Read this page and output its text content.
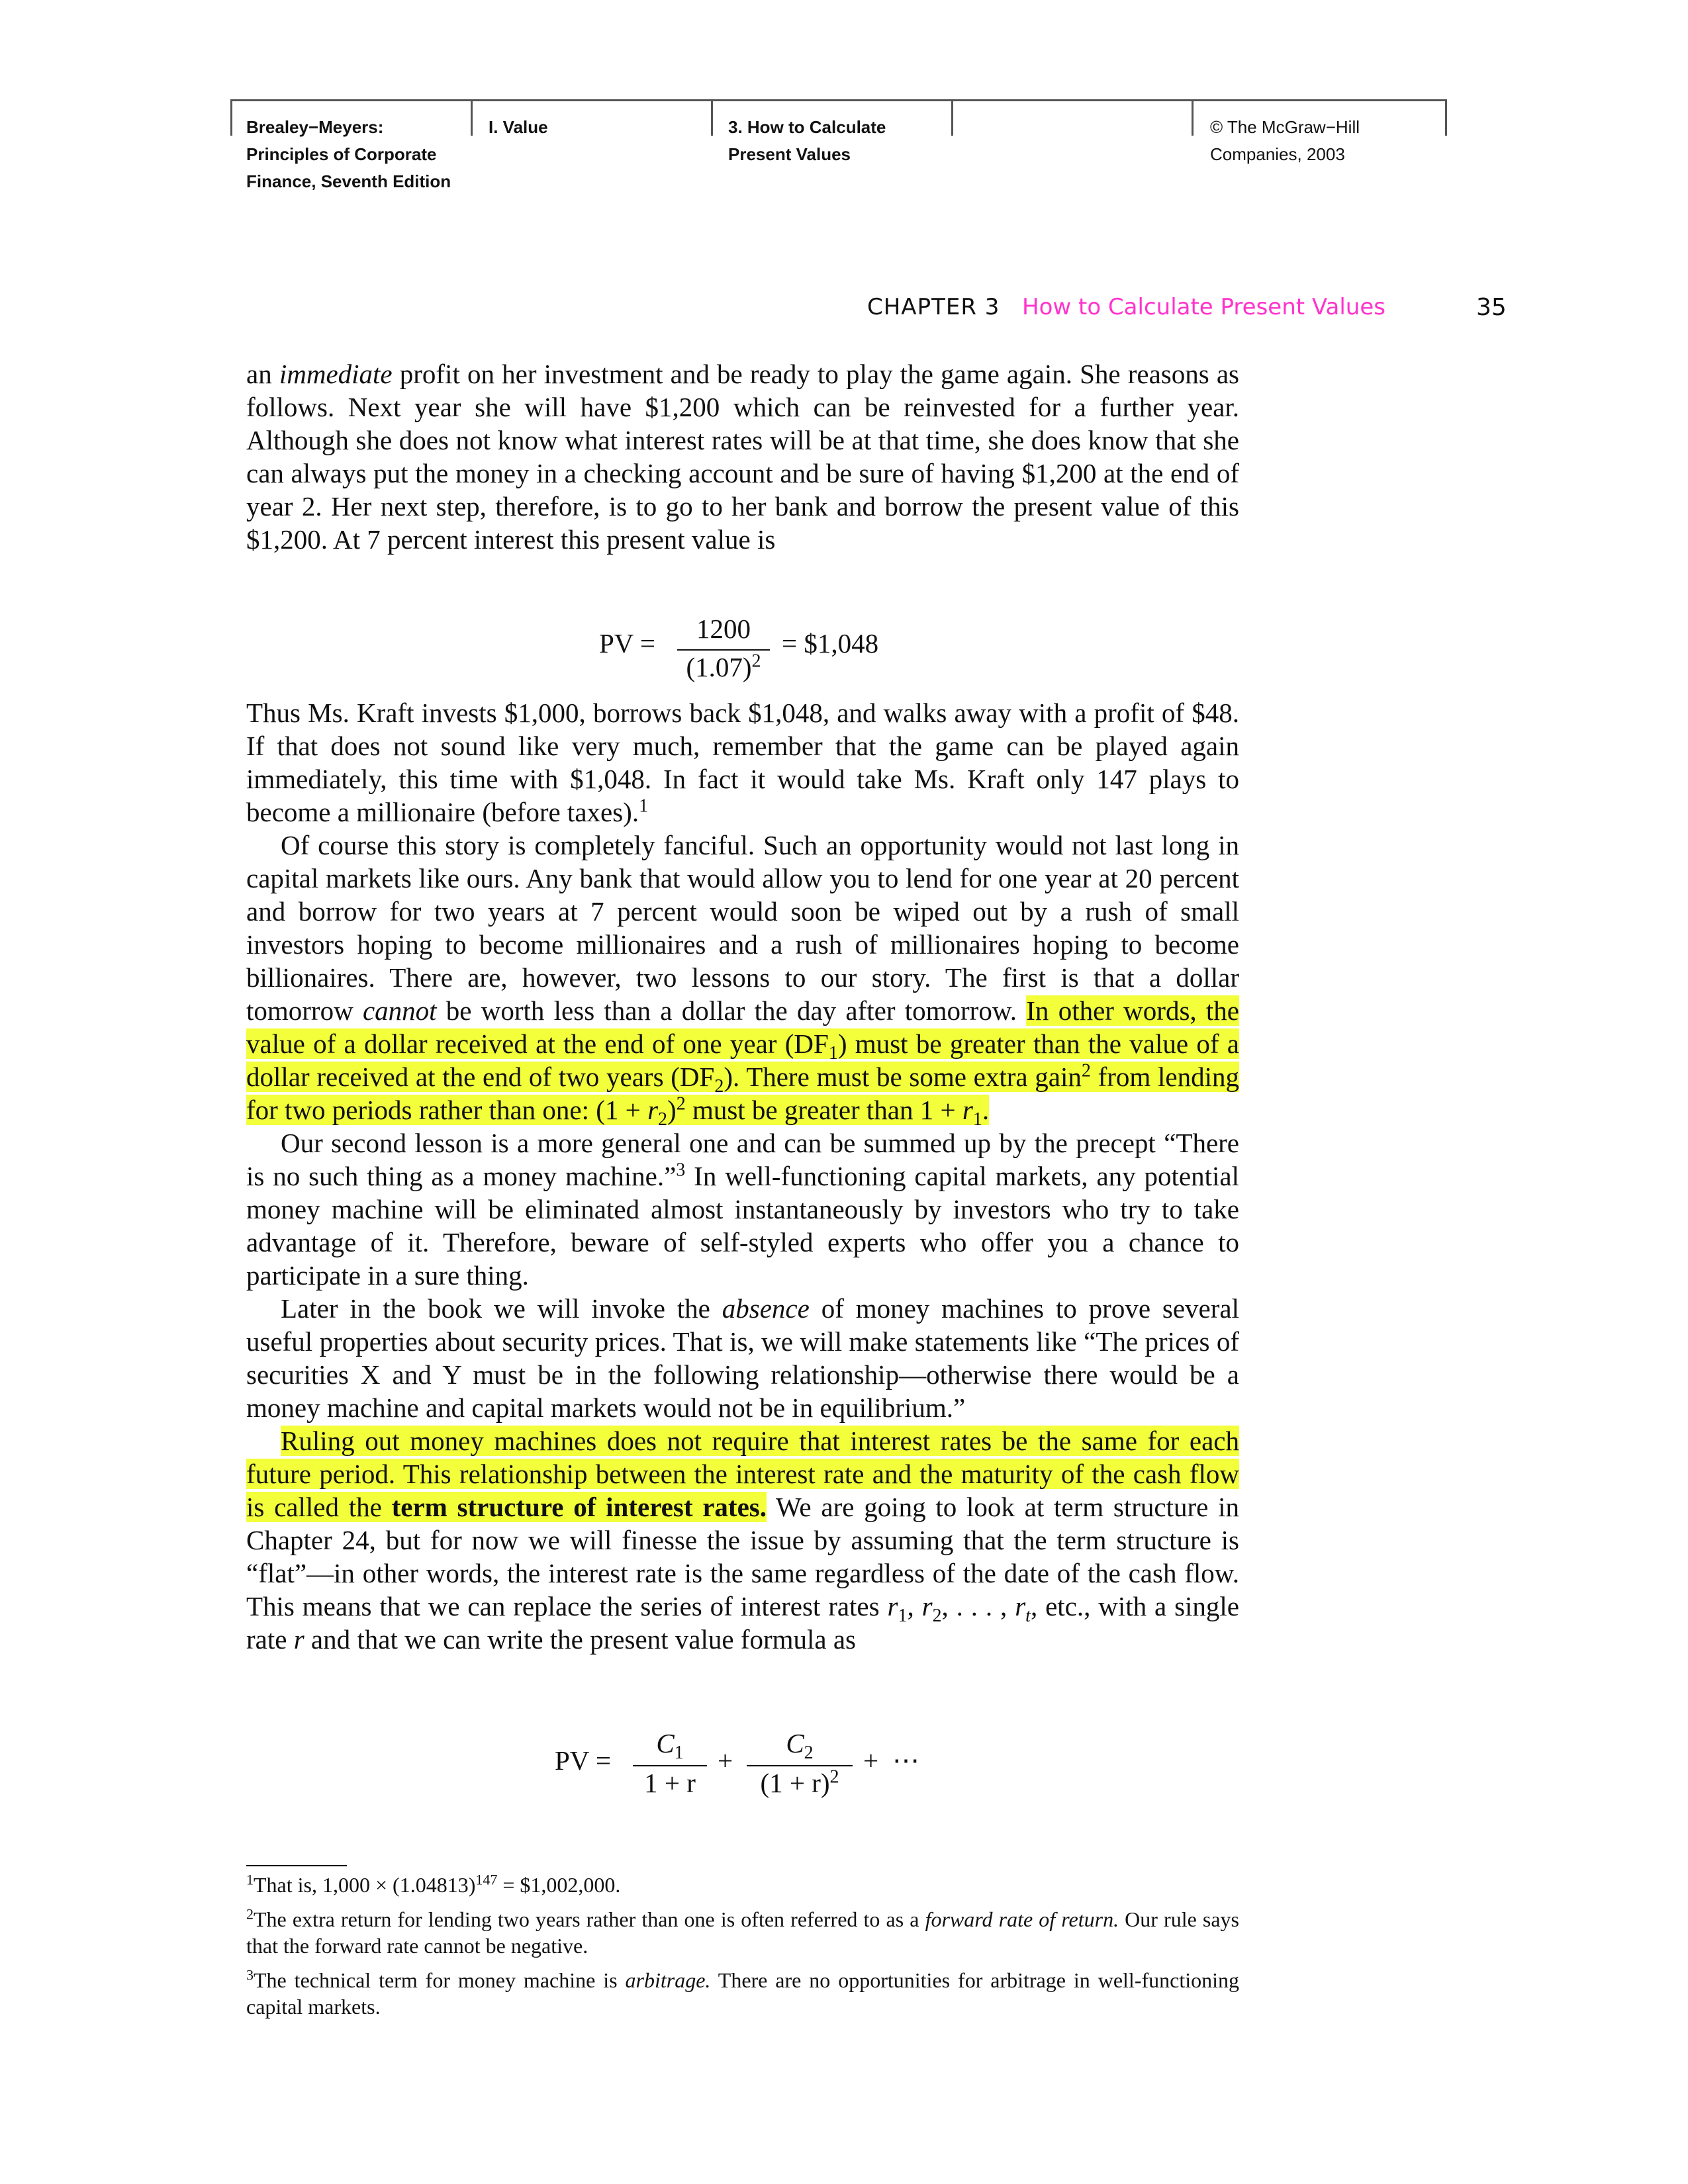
Brealey−Meyers:
Principles of Corporate
Finance, Seventh Edition
I. Value	3. How to Calculate
Present Values
© The McGraw−Hill
Companies, 2003
CHAPTER 3 How to Calculate Present Values	35

an immediate profit on her investment and be ready to play the game again. She reasons as follows. Next year she will have $1,200 which can be reinvested for a further year. Although she does not know what interest rates will be at that time, she does know that she can always put the money in a checking account and be sure of having $1,200 at the end of year 2. Her next step, therefore, is to go to her bank and borrow the present value of this $1,200. At 7 percent interest this present value is

PV =	1200
$(1.07)^2$
= $1,048

Thus Ms. Kraft invests $1,000, borrows back $1,048, and walks away with a profit of $48. If that does not sound like very much, remember that the game can be played again immediately, this time with $1,048. In fact it would take Ms. Kraft only 147 plays to become a millionaire (before taxes).$^1$

Of course this story is completely fanciful. Such an opportunity would not last long in capital markets like ours. Any bank that would allow you to lend for one year at 20 percent and borrow for two years at 7 percent would soon be wiped out by a rush of small investors hoping to become millionaires and a rush of millionaires hoping to become billionaires. There are, however, two lessons to our story. The first is that a dollar tomorrow cannot be worth less than a dollar the day after tomorrow. In other words, the value of a dollar received at the end of one year $(DF_1)$ must be greater than the value of a dollar received at the end of two years $(DF_2)$. There must be some extra gain$^2$ from lending for two periods rather than one: $(1 + r_2)^2$ must be greater than $1 + r_1$.

Our second lesson is a more general one and can be summed up by the precept “There is no such thing as a money machine.”$^3$ In well-functioning capital markets, any potential money machine will be eliminated almost instantaneously by investors who try to take advantage of it. Therefore, beware of self-styled experts who offer you a chance to participate in a sure thing.

Later in the book we will invoke the absence of money machines to prove several useful properties about security prices. That is, we will make statements like “The prices of securities X and Y must be in the following relationship—otherwise there would be a money machine and capital markets would not be in equilibrium.”

Ruling out money machines does not require that interest rates be the same for each future period. This relationship between the interest rate and the maturity of the cash flow is called the term structure of interest rates. We are going to look at term structure in Chapter 24, but for now we will finesse the issue by assuming that the term structure is “flat”—in other words, the interest rate is the same regardless of the date of the cash flow. This means that we can replace the series of interest rates $r_1$, $r_2$, . . . , $r_t$, etc., with a single rate r and that we can write the present value formula as

PV =
$C_1$
1 + r
+
$C_2$
$(1 + r)^2$
+ ⋯
$^1$That is, $1,000 \times (1.04813)^{147}$ = $1,002,000.
$^2$The extra return for lending two years rather than one is often referred to as a forward rate of return. Our rule says that the forward rate cannot be negative.
$^3$The technical term for money machine is arbitrage. There are no opportunities for arbitrage in well-functioning capital markets.
